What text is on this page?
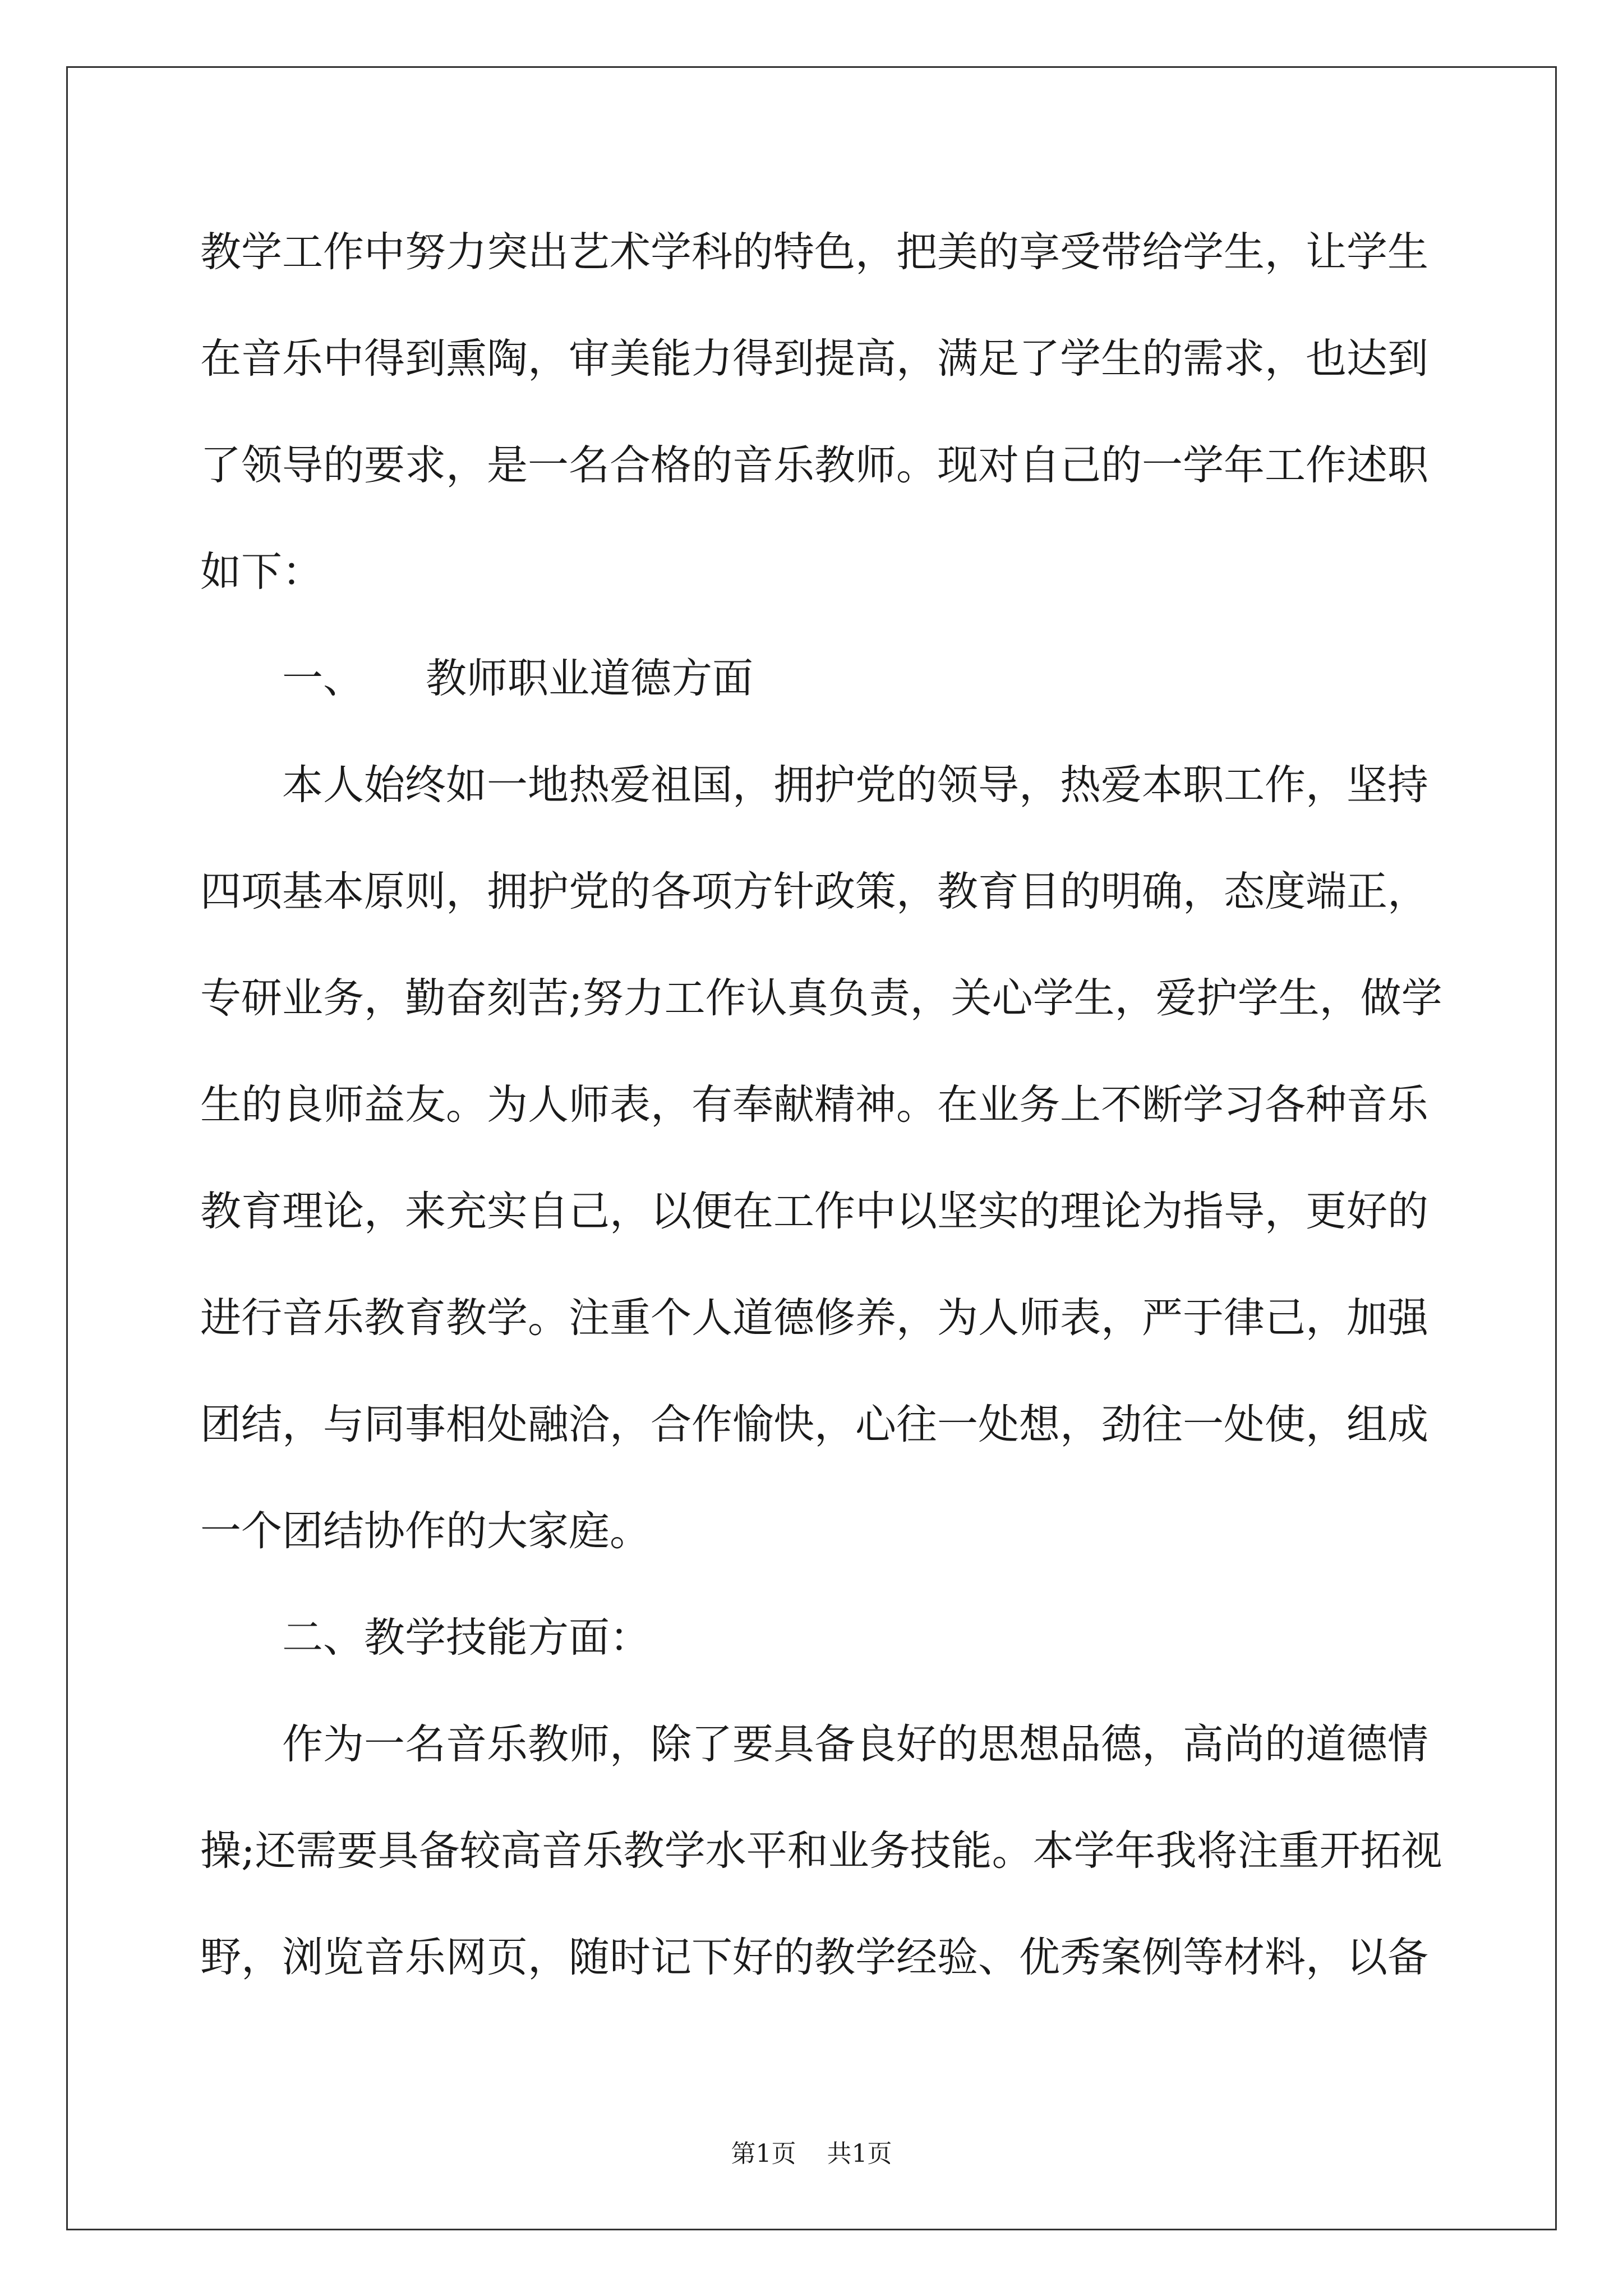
教学工作中努力突出艺术学科的特色，把美的享受带给学生，让学生
在音乐中得到熏陶，审美能力得到提高，满足了学生的需求，也达到
了领导的要求，是一名合格的音乐教师。现对自己的一学年工作述职
如下：
一、 教师职业道德方面
本人始终如一地热爱祖国，拥护党的领导，热爱本职工作，坚持
四项基本原则，拥护党的各项方针政策，教育目的明确，态度端正，
专研业务，勤奋刻苦;努力工作认真负责，关心学生，爱护学生，做学
生的良师益友。为人师表，有奉献精神。在业务上不断学习各种音乐
教育理论，来充实自己，以便在工作中以坚实的理论为指导，更好的
进行音乐教育教学。注重个人道德修养，为人师表，严于律己，加强
团结，与同事相处融洽，合作愉快，心往一处想，劲往一处使，组成
一个团结协作的大家庭。
二、教学技能方面：
作为一名音乐教师，除了要具备良好的思想品德，高尚的道德情
操;还需要具备较高音乐教学水平和业务技能。本学年我将注重开拓视
野，浏览音乐网页，随时记下好的教学经验、优秀案例等材料，以备
第1页 共1页
